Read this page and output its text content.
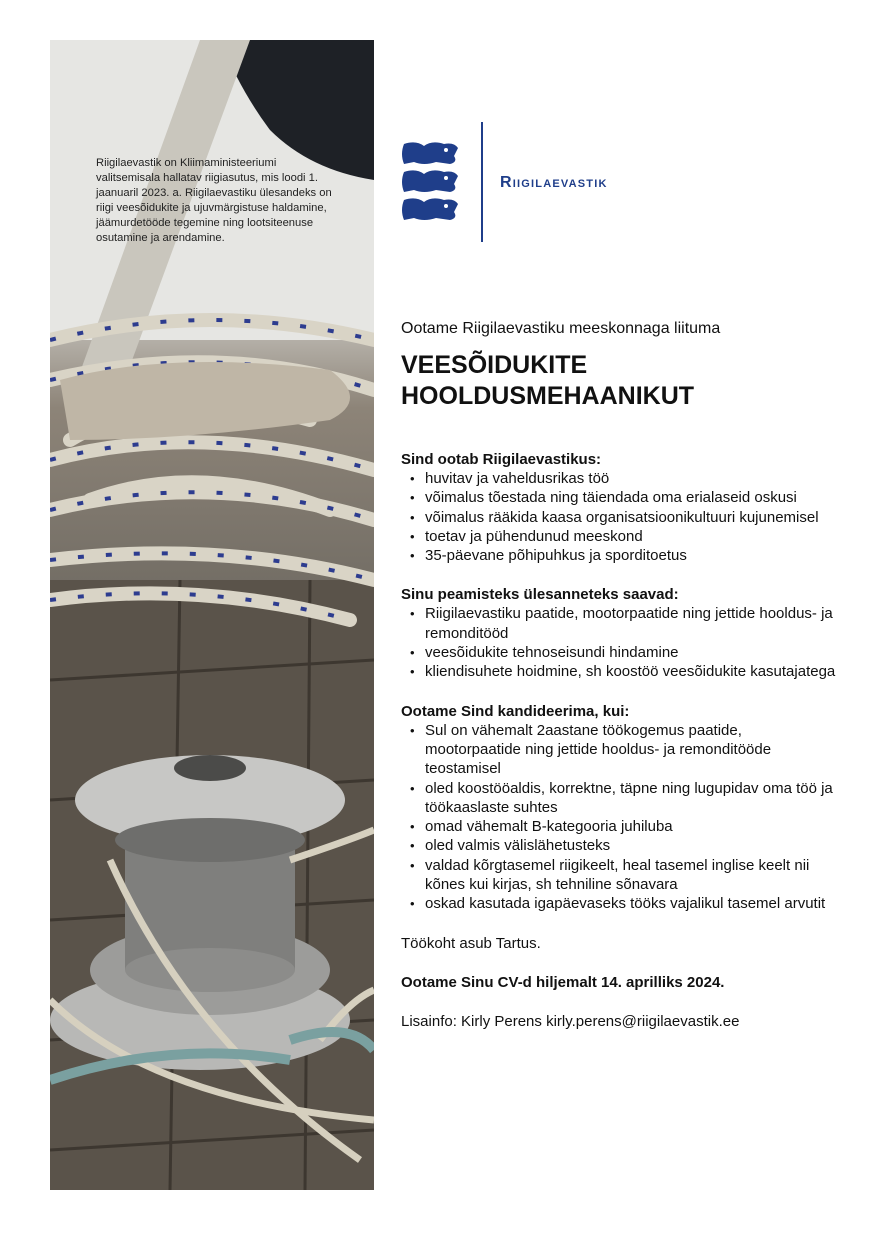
Riigilaevastik on Kliimaministeeriumi valitsemisala hallatav riigiasutus, mis loodi 1. jaanuaril 2023. a. Riigilaevastiku ülesandeks on riigi veesõidukite ja ujuvmärgistuse haldamine, jäämurdetööde tegemine ning lootsiteenuse osutamine ja arendamine.
Riigilaevastik
Ootame Riigilaevastiku meeskonnaga liituma
VEESÕIDUKITE
HOOLDUSMEHAANIKUT
Sind ootab Riigilaevastikus:
• huvitav ja vaheldusrikas töö
• võimalus tõestada ning täiendada oma erialaseid oskusi
• võimalus rääkida kaasa organisatsioonikultuuri kujunemisel
• toetav ja pühendunud meeskond
• 35-päevane põhipuhkus ja sporditoetus
Sinu peamisteks ülesanneteks saavad:
• Riigilaevastiku paatide, mootorpaatide ning jettide hooldus- ja remonditööd
• veesõidukite tehnoseisundi hindamine
• kliendisuhete hoidmine, sh koostöö veesõidukite kasutajatega
Ootame Sind kandideerima, kui:
• Sul on vähemalt 2aastane töökogemus paatide, mootorpaatide ning jettide hooldus- ja remonditööde teostamisel
• oled koostööaldis, korrektne, täpne ning lugupidav oma töö ja töökaaslaste suhtes
• omad vähemalt B-kategooria juhiluba
• oled valmis välislähetusteks
• valdad kõrgtasemel riigikeelt, heal tasemel inglise keelt nii kõnes kui kirjas, sh tehniline sõnavara
• oskad kasutada igapäevaseks tööks vajalikul tasemel arvutit
Töökoht asub Tartus.
Ootame Sinu CV-d hiljemalt 14. aprilliks 2024.
Lisainfo: Kirly Perens kirly.perens@riigilaevastik.ee
